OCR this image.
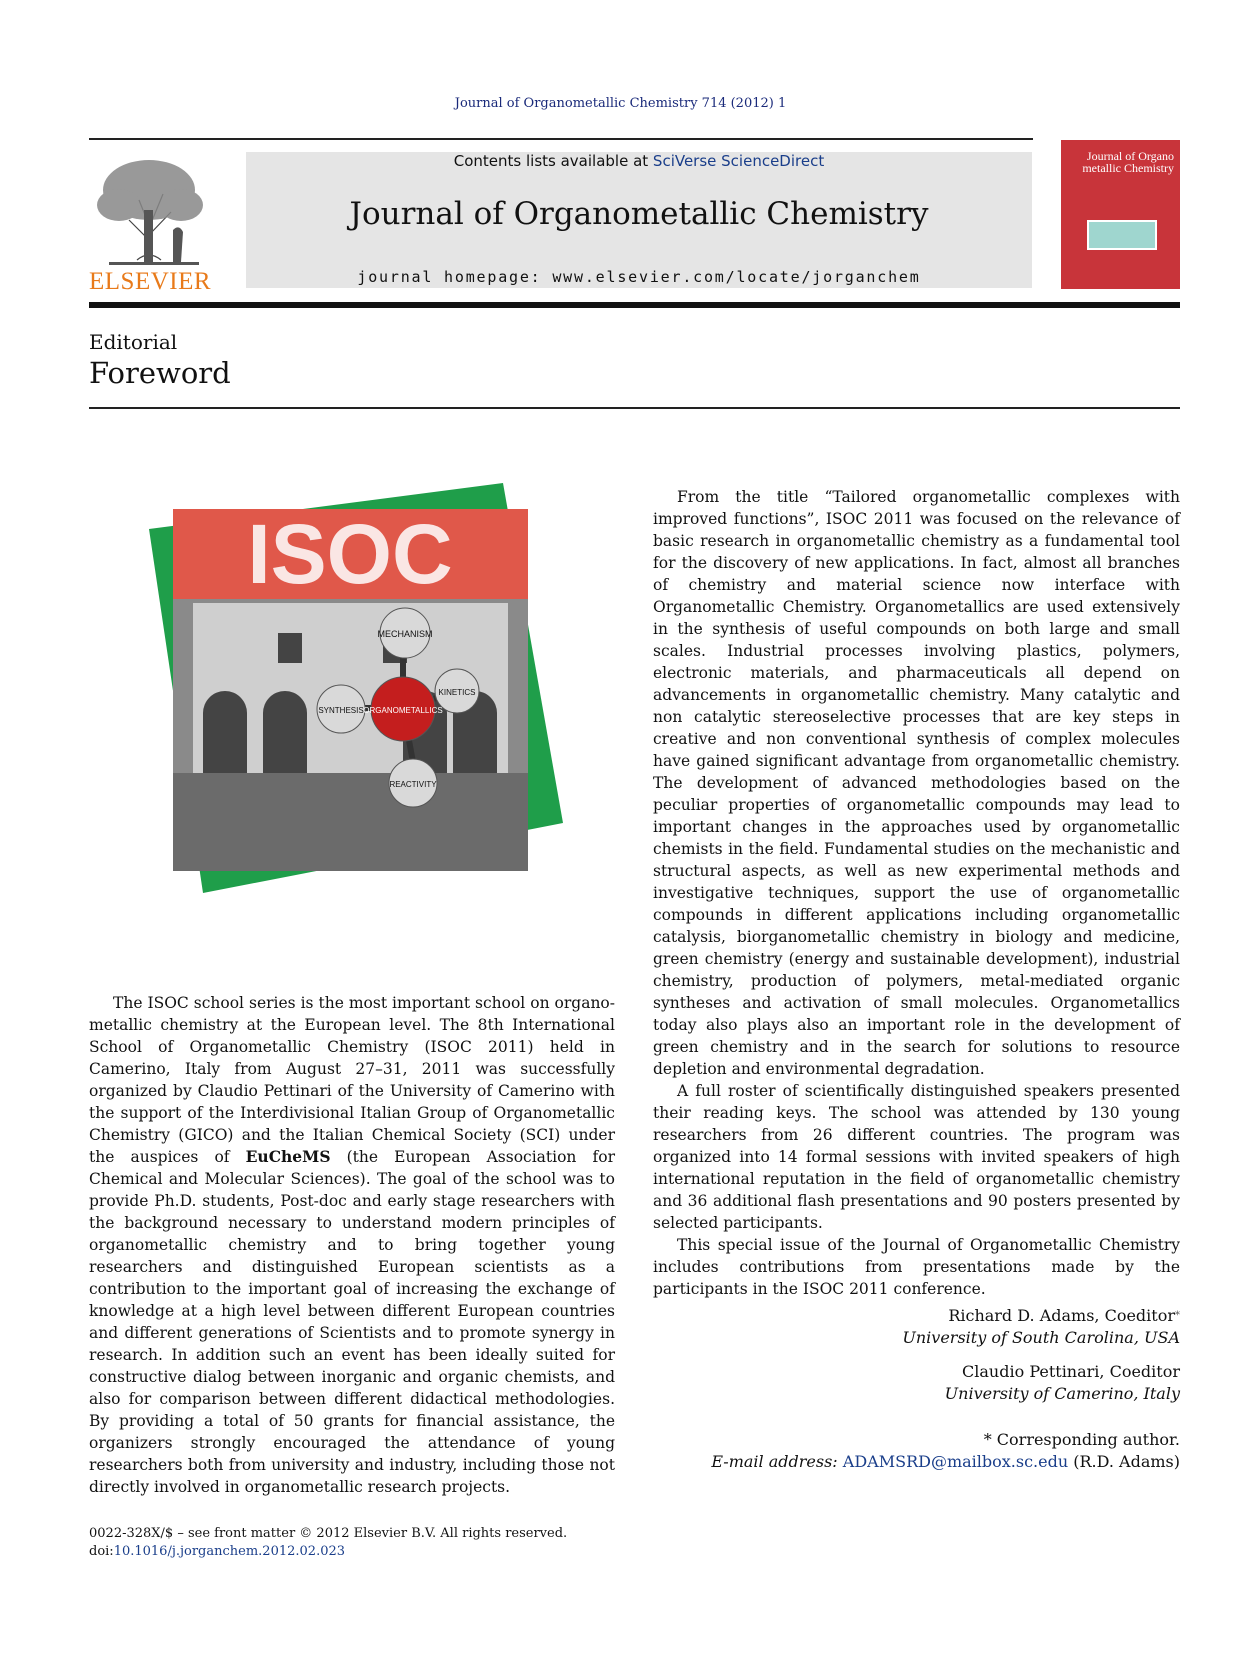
Journal of Organometallic Chemistry 714 (2012) 1
ELSEVIER
Contents lists available at SciVerse ScienceDirect
Journal of Organometallic Chemistry
journal homepage: www.elsevier.com/locate/jorganchem
Journal of Organo metallic Chemistry
Editorial
Foreword
ISOC
MECHANISM
SYNTHESIS ORGANOMETALLICS
KINETICS
REACTIVITY

The ISOC school series is the most important school on organo-metallic chemistry at the European level. The 8th International School of Organometallic Chemistry (ISOC 2011) held in Camerino, Italy from August 27–31, 2011 was successfully organized by Claudio Pettinari of the University of Camerino with the support of the Interdivisional Italian Group of Organometallic Chemistry (GICO) and the Italian Chemical Society (SCI) under the auspices of EuCheMS (the European Association for Chemical and Molecular Sciences). The goal of the school was to provide Ph.D. students, Post-doc and early stage researchers with the background necessary to understand modern principles of organometallic chemistry and to bring together young researchers and distinguished European scientists as a contribution to the important goal of increasing the exchange of knowledge at a high level between different European countries and different generations of Scientists and to promote synergy in research. In addition such an event has been ideally suited for constructive dialog between inorganic and organic chemists, and also for comparison between different didactical methodologies. By providing a total of 50 grants for financial assistance, the organizers strongly encouraged the attendance of young researchers both from university and industry, including those not directly involved in organometallic research projects.

From the title “Tailored organometallic complexes with improved functions”, ISOC 2011 was focused on the relevance of basic research in organometallic chemistry as a fundamental tool for the discovery of new applications. In fact, almost all branches of chemistry and material science now interface with Organometallic Chemistry. Organometallics are used extensively in the synthesis of useful compounds on both large and small scales. Industrial processes involving plastics, polymers, electronic materials, and pharmaceuticals all depend on advancements in organometallic chemistry. Many catalytic and non catalytic stereoselective processes that are key steps in creative and non conventional synthesis of complex molecules have gained significant advantage from organometallic chemistry. The development of advanced methodologies based on the peculiar properties of organometallic compounds may lead to important changes in the approaches used by organometallic chemists in the field. Fundamental studies on the mechanistic and structural aspects, as well as new experimental methods and investigative techniques, support the use of organometallic compounds in different applications including organometallic catalysis, biorganometallic chemistry in biology and medicine, green chemistry (energy and sustainable development), industrial chemistry, production of polymers, metal-mediated organic syntheses and activation of small molecules. Organometallics today also plays also an important role in the development of green chemistry and in the search for solutions to resource depletion and environmental degradation.

A full roster of scientifically distinguished speakers presented their reading keys. The school was attended by 130 young researchers from 26 different countries. The program was organized into 14 formal sessions with invited speakers of high international reputation in the field of organometallic chemistry and 36 additional flash presentations and 90 posters presented by selected participants.

This special issue of the Journal of Organometallic Chemistry includes contributions from presentations made by the participants in the ISOC 2011 conference.

Richard D. Adams, Coeditor*
University of South Carolina, USA
Claudio Pettinari, Coeditor
University of Camerino, Italy
* Corresponding author.
E-mail address: ADAMSRD@mailbox.sc.edu (R.D. Adams)
0022-328X/$ – see front matter © 2012 Elsevier B.V. All rights reserved.
doi:10.1016/j.jorganchem.2012.02.023
